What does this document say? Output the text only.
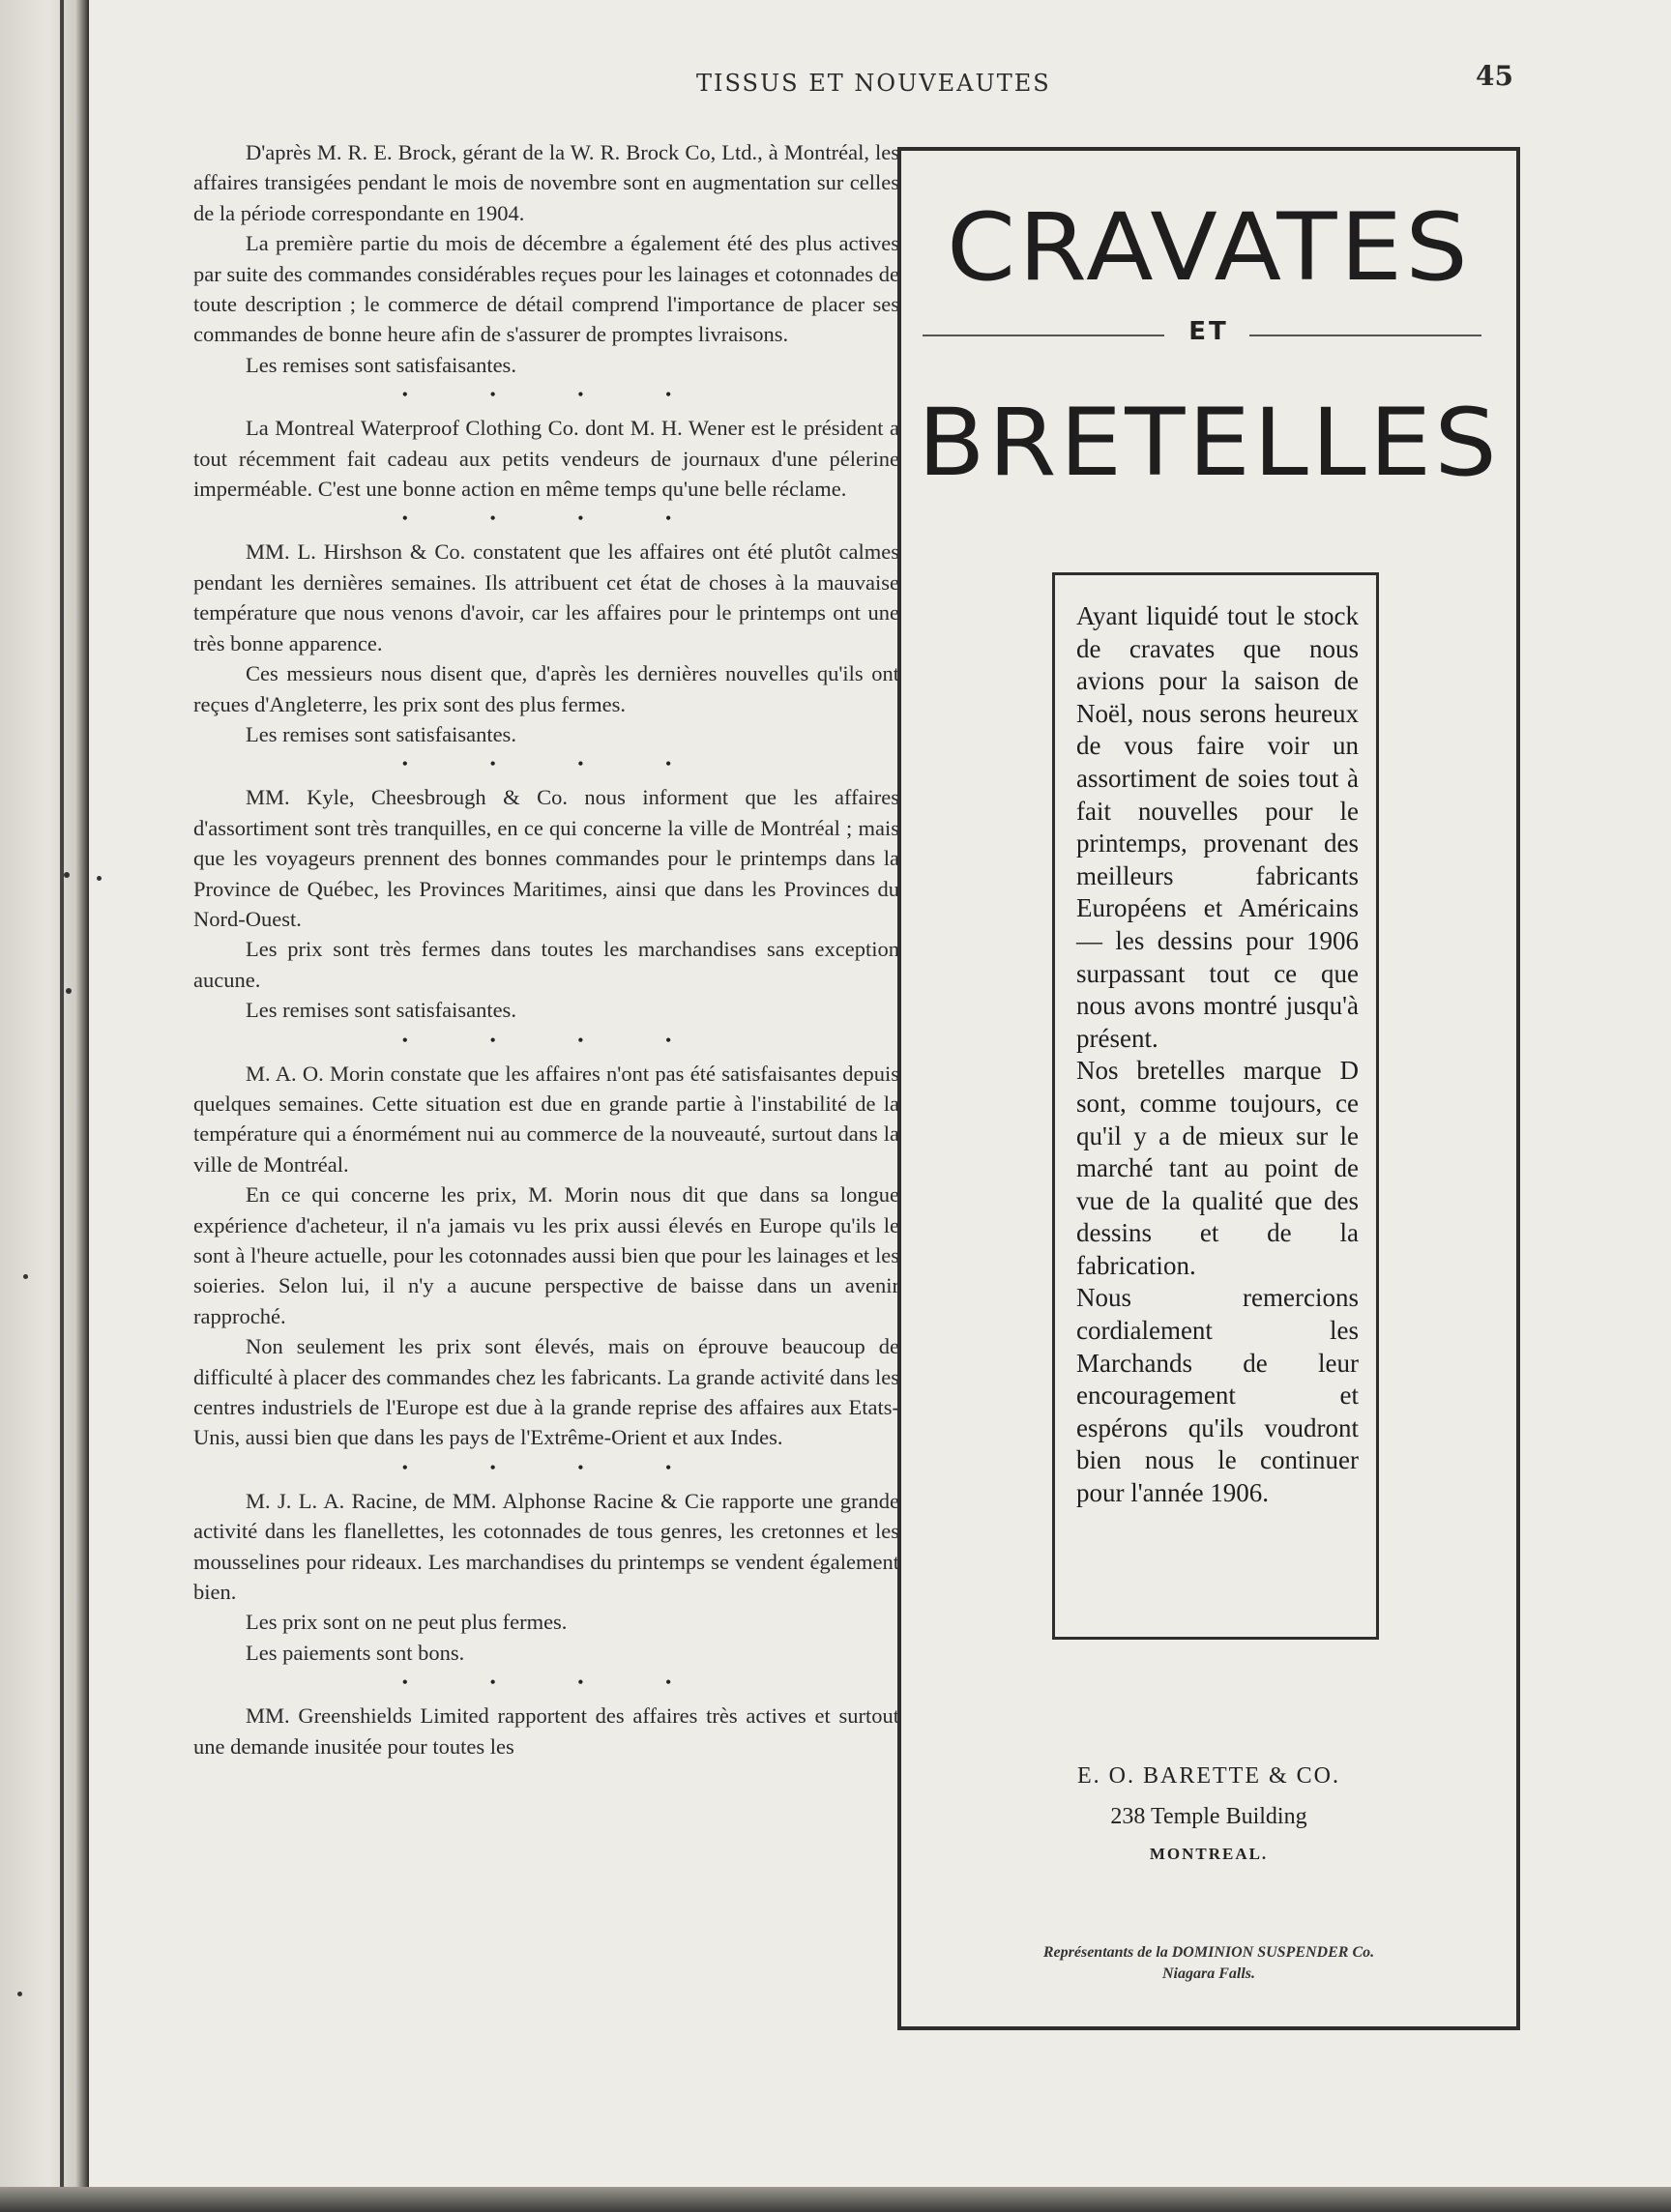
TISSUS ET NOUVEAUTES	45

D'après M. R. E. Brock, gérant de la W. R. Brock Co, Ltd., à Montréal, les affaires transigées pendant le mois de novembre sont en augmentation sur celles de la période correspondante en 1904.

La première partie du mois de décembre a également été des plus actives par suite des commandes considérables reçues pour les lainages et cotonnades de toute description ; le commerce de détail comprend l'importance de placer ses commandes de bonne heure afin de s'assurer de promptes livraisons.

Les remises sont satisfaisantes.

• • • •

La Montreal Waterproof Clothing Co. dont M. H. Wener est le président a tout récemment fait cadeau aux petits vendeurs de journaux d'une pélerine imperméable. C'est une bonne action en même temps qu'une belle réclame.

• • • •

MM. L. Hirshson & Co. constatent que les affaires ont été plutôt calmes pendant les dernières semaines. Ils attribuent cet état de choses à la mauvaise température que nous venons d'avoir, car les affaires pour le printemps ont une très bonne apparence.

Ces messieurs nous disent que, d'après les dernières nouvelles qu'ils ont reçues d'Angleterre, les prix sont des plus fermes.

Les remises sont satisfaisantes.

• • • •

MM. Kyle, Cheesbrough & Co. nous informent que les affaires d'assortiment sont très tranquilles, en ce qui concerne la ville de Montréal ; mais que les voyageurs prennent des bonnes commandes pour le printemps dans la Province de Québec, les Provinces Maritimes, ainsi que dans les Provinces du Nord-Ouest.

Les prix sont très fermes dans toutes les marchandises sans exception aucune.

Les remises sont satisfaisantes.

• • • •

M. A. O. Morin constate que les affaires n'ont pas été satisfaisantes depuis quelques semaines. Cette situation est due en grande partie à l'instabilité de la température qui a énormément nui au commerce de la nouveauté, surtout dans la ville de Montréal.

En ce qui concerne les prix, M. Morin nous dit que dans sa longue expérience d'acheteur, il n'a jamais vu les prix aussi élevés en Europe qu'ils le sont à l'heure actuelle, pour les cotonnades aussi bien que pour les lainages et les soieries. Selon lui, il n'y a aucune perspective de baisse dans un avenir rapproché.

Non seulement les prix sont élevés, mais on éprouve beaucoup de difficulté à placer des commandes chez les fabricants. La grande activité dans les centres industriels de l'Europe est due à la grande reprise des affaires aux Etats-Unis, aussi bien que dans les pays de l'Extrême-Orient et aux Indes.

• • • •

M. J. L. A. Racine, de MM. Alphonse Racine & Cie rapporte une grande activité dans les flanellettes, les cotonnades de tous genres, les cretonnes et les mousselines pour rideaux. Les marchandises du printemps se vendent également bien.

Les prix sont on ne peut plus fermes.

Les paiements sont bons.

• • • •

MM. Greenshields Limited rapportent des affaires très actives et surtout une demande inusitée pour toutes les

CRAVATES
ET
BRETELLES

Ayant liquidé tout le stock de cravates que nous avions pour la saison de Noël, nous serons heureux de vous faire voir un assortiment de soies tout à fait nouvelles pour le printemps, provenant des meilleurs fabricants Européens et Américains — les dessins pour 1906 surpassant tout ce que nous avons montré jusqu'à présent.

Nos bretelles marque D sont, comme toujours, ce qu'il y a de mieux sur le marché tant au point de vue de la qualité que des dessins et de la fabrication.

Nous remercions cordialement les Marchands de leur encouragement et espérons qu'ils voudront bien nous le continuer pour l'année 1906.

E. O. BARETTE & CO.
238 Temple Building
MONTREAL.
Représentants de la DOMINION SUSPENDER Co.
Niagara Falls.
